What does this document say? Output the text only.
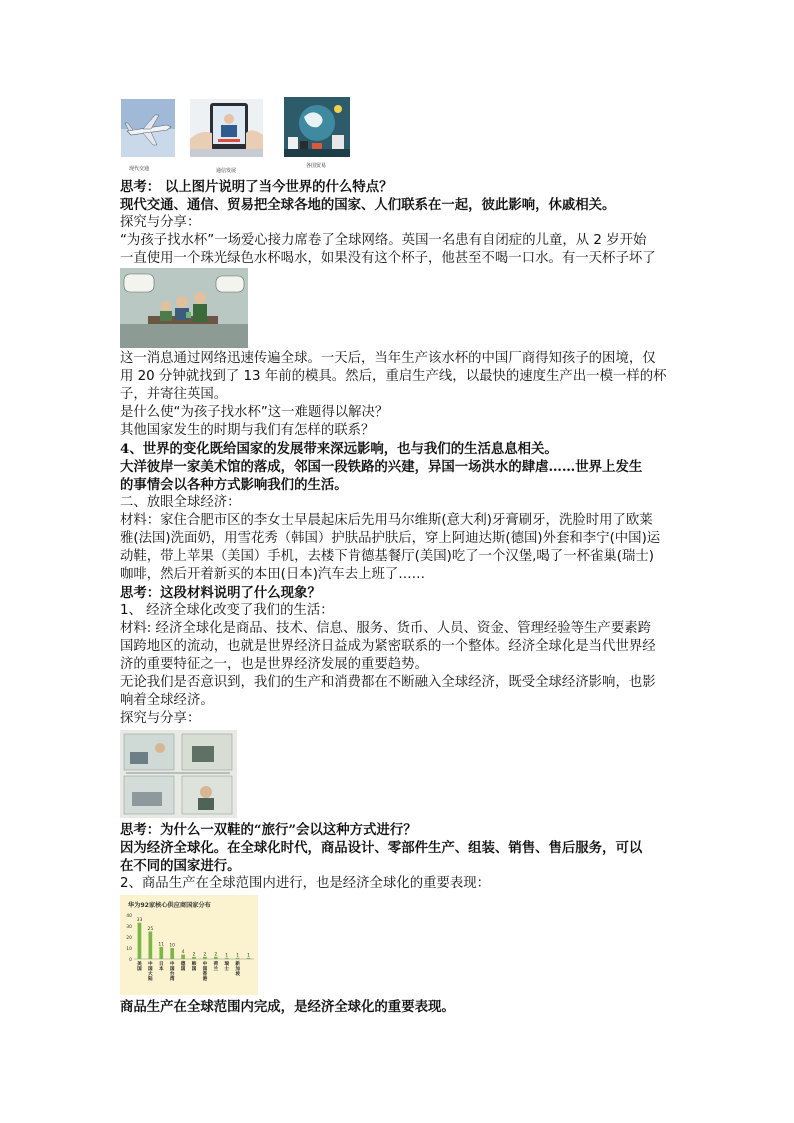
现代交通	通信发展
各国贸易
思考： 以上图片说明了当今世界的什么特点？
现代交通、通信、贸易把全球各地的国家、人们联系在一起，彼此影响，休戚相关。
探究与分享：
“为孩子找水杯”一场爱心接力席卷了全球网络。英国一名患有自闭症的儿童，从 2 岁开始
一直使用一个珠光绿色水杯喝水，如果没有这个杯子，他甚至不喝一口水。有一天杯子坏了
这一消息通过网络迅速传遍全球。一天后，当年生产该水杯的中国厂商得知孩子的困境，仅
用 20 分钟就找到了 13 年前的模具。然后，重启生产线，以最快的速度生产出一模一样的杯
子，并寄往英国。
是什么使“为孩子找水杯”这一难题得以解决？
其他国家发生的时期与我们有怎样的联系？
4、世界的变化既给国家的发展带来深远影响，也与我们的生活息息相关。
大洋彼岸一家美术馆的落成，邻国一段铁路的兴建，异国一场洪水的肆虐……世界上发生
的事情会以各种方式影响我们的生活。
二、放眼全球经济：
材料：家住合肥市区的李女士早晨起床后先用马尔维斯(意大利)牙膏刷牙，洗脸时用了欧莱
雅(法国)洗面奶，用雪花秀（韩国）护肤品护肤后，穿上阿迪达斯(德国)外套和李宁(中国)运
动鞋，带上苹果（美国）手机，去楼下肯德基餐厅(美国)吃了一个汉堡,喝了一杯雀巢(瑞士)
咖啡，然后开着新买的本田(日本)汽车去上班了……
思考：这段材料说明了什么现象？
1、 经济全球化改变了我们的生活：
材料: 经济全球化是商品、技术、信息、服务、货币、人员、资金、管理经验等生产要素跨
国跨地区的流动，也就是世界经济日益成为紧密联系的一个整体。经济全球化是当代世界经
济的重要特征之一，也是世界经济发展的重要趋势。
无论我们是否意识到，我们的生产和消费都在不断融入全球经济，既受全球经济影响，也影
响着全球经济。
探究与分享：
思考：为什么一双鞋的“旅行”会以这种方式进行？
因为经济全球化。在全球化时代，商品设计、零部件生产、组装、销售、售后服务，可以
在不同的国家进行。
2、商品生产在全球范围内进行，也是经济全球化的重要表现：
华为92家核心供应商国家分布
0
10
20
30
40
33
美国
25
中国大陆
11
日本
10
中国台湾
4
德国
2
韩国
2
中国香港
2
荷兰
1
瑞士
1
新加坡
1
商品生产在全球范围内完成，是经济全球化的重要表现。
